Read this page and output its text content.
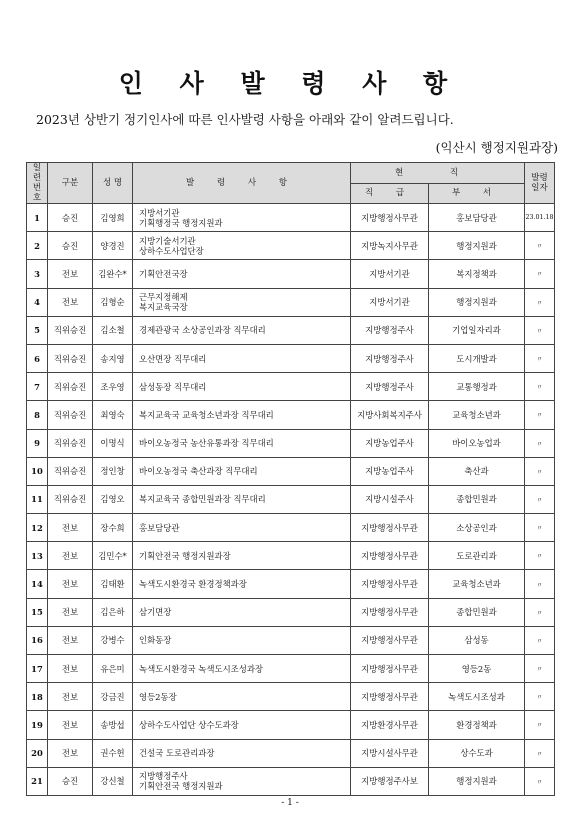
인 사 발 령 사 항
2023년 상반기 정기인사에 따른 인사발령 사항을 아래와 같이 알려드립니다.
(익산시 행정지원과장)
일련번호	구분	성 명	발 령 사 항	현 직		발령일자
				직 급	부 서	
1	승진	김영희	지방서기관
기획행정국 행정지원과	지방행정사무관	홍보담당관	23.01.18
2	승진	양경진	지방기술서기관
상하수도사업단장	지방녹지사무관	행정지원과	〃
3	전보	김완수*	기획안전국장	지방서기관	복지정책과	〃
4	전보	김형순	근무지정해제
복지교육국장	지방서기관	행정지원과	〃
5	직위승진	김소철	경제관광국 소상공인과장 직무대리	지방행정주사	기업일자리과	〃
6	직위승진	송지영	오산면장 직무대리	지방행정주사	도시개발과	〃
7	직위승진	조우영	삼성동장 직무대리	지방행정주사	교통행정과	〃
8	직위승진	최영숙	복지교육국 교육청소년과장 직무대리	지방사회복지주사	교육청소년과	〃
9	직위승진	이명식	바이오농정국 농산유통과장 직무대리	지방농업주사	바이오농업과	〃
10	직위승진	정인창	바이오농정국 축산과장 직무대리	지방농업주사	축산과	〃
11	직위승진	김영오	복지교육국 종합민원과장 직무대리	지방시설주사	종합민원과	〃
12	전보	장수희	홍보담당관	지방행정사무관	소상공인과	〃
13	전보	김민수*	기획안전국 행정지원과장	지방행정사무관	도로관리과	〃
14	전보	김태환	녹색도시환경국 환경정책과장	지방행정사무관	교육청소년과	〃
15	전보	김은하	삼기면장	지방행정사무관	종합민원과	〃
16	전보	강병수	인화동장	지방행정사무관	삼성동	〃
17	전보	유은미	녹색도시환경국 녹색도시조성과장	지방행정사무관	영등2동	〃
18	전보	강금진	영등2동장	지방행정사무관	녹색도시조성과	〃
19	전보	송방섭	상하수도사업단 상수도과장	지방환경사무관	환경정책과	〃
20	전보	권수헌	건설국 도로관리과장	지방시설사무관	상수도과	〃
21	승진	강신철	지방행정주사
기획안전국 행정지원과	지방행정주사보	행정지원과	〃
- 1 -
